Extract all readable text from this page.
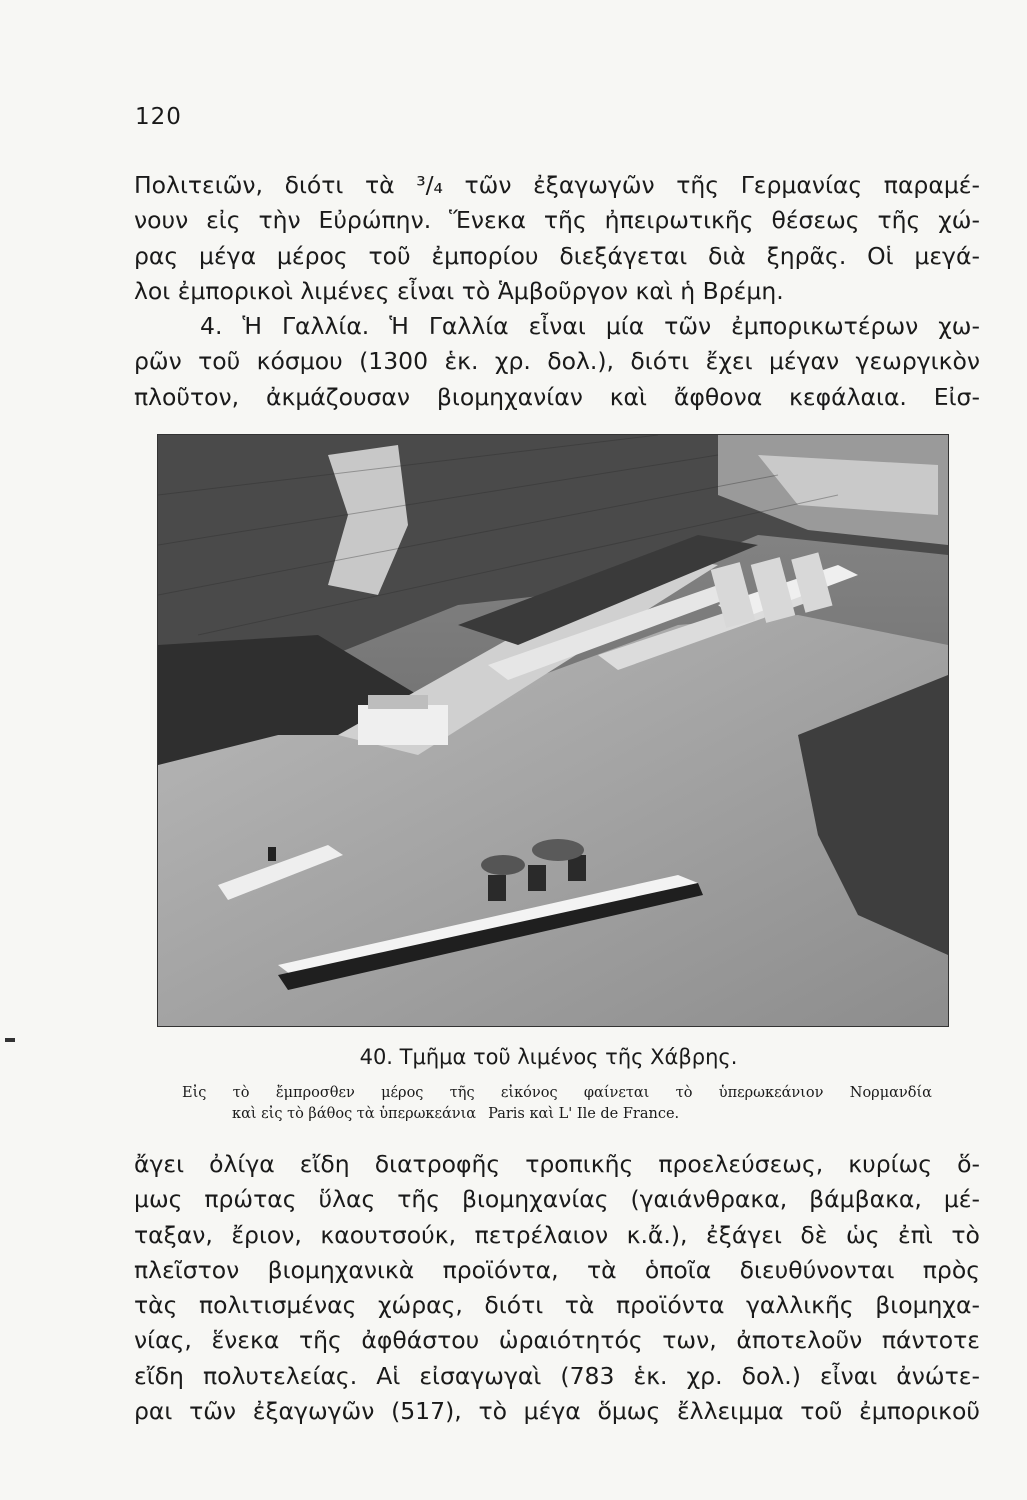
120
Πολιτειῶν, διότι τὰ ³/₄ τῶν ἐξαγωγῶν τῆς Γερμανίας παραμέ-
νουν εἰς τὴν Εὐρώπην. Ἕνεκα τῆς ἠπειρωτικῆς θέσεως τῆς χώ-
ρας μέγα μέρος τοῦ ἐμπορίου διεξάγεται διὰ ξηρᾶς. Οἱ μεγά-
λοι ἐμπορικοὶ λιμένες εἶναι τὸ Ἁμβοῦργον καὶ ἡ Βρέμη.
4. Ἡ Γαλλία. Ἡ Γαλλία εἶναι μία τῶν ἐμπορικωτέρων χω-
ρῶν τοῦ κόσμου (1300 ἑκ. χρ. δολ.), διότι ἔχει μέγαν γεωργικὸν
πλοῦτον, ἀκμάζουσαν βιομηχανίαν καὶ ἄφθονα κεφάλαια. Εἰσ-
40. Τμῆμα τοῦ λιμένος τῆς Χάβρης.
Εἰς τὸ ἔμπροσθεν μέρος τῆς εἰκόνος φαίνεται τὸ ὑπερωκεάνιον Νορμανδία
καὶ εἰς τὸ βάθος τὰ ὑπερωκεάνια Paris καὶ L' Ile de France.
ἄγει ὀλίγα εἴδη διατροφῆς τροπικῆς προελεύσεως, κυρίως ὅ-
μως πρώτας ὕλας τῆς βιομηχανίας (γαιάνθρακα, βάμβακα, μέ-
ταξαν, ἔριον, καουτσούκ, πετρέλαιον κ.ἄ.), ἐξάγει δὲ ὡς ἐπὶ τὸ
πλεῖστον βιομηχανικὰ προϊόντα, τὰ ὁποῖα διευθύνονται πρὸς
τὰς πολιτισμένας χώρας, διότι τὰ προϊόντα γαλλικῆς βιομηχα-
νίας, ἕνεκα τῆς ἀφθάστου ὡραιότητός των, ἀποτελοῦν πάντοτε
εἴδη πολυτελείας. Αἱ εἰσαγωγαὶ (783 ἑκ. χρ. δολ.) εἶναι ἀνώτε-
ραι τῶν ἐξαγωγῶν (517), τὸ μέγα ὅμως ἔλλειμμα τοῦ ἐμπορικοῦ
